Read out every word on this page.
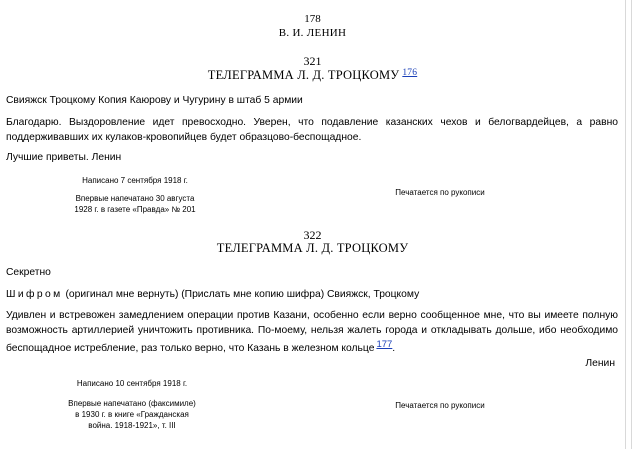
178
В. И. ЛЕНИН
321
ТЕЛЕГРАММА Л. Д. ТРОЦКОМУ $^{176}$
Свияжск Троцкому Копия Каюрову и Чугурину в штаб 5 армии
Благодарю. Выздоровление идет превосходно. Уверен, что подавление казанских чехов и белогвардейцев, а равно поддерживавших их кулаков-кровопийцев будет образцово-беспощадное.
Лучшие приветы. Ленин
Написано 7 сентября 1918 г.
Впервые напечатано 30 августа
1928 г. в газете «Правда» № 201
Печатается по рукописи
322
ТЕЛЕГРАММА Л. Д. ТРОЦКОМУ
Секретно
Шифром (оригинал мне вернуть) (Прислать мне копию шифра) Свияжск, Троцкому
Удивлен и встревожен замедлением операции против Казани, особенно если верно сообщенное мне, что вы имеете полную возможность артиллерией уничтожить противника. По-моему, нельзя жалеть города и откладывать дольше, ибо необходимо беспощадное истребление, раз только верно, что Казань в железном кольце 177.
Ленин
Написано 10 сентября 1918 г.
Впервые напечатано (факсимиле)
в 1930 г. в книге «Гражданская
война. 1918-1921», т. III
Печатается по рукописи
